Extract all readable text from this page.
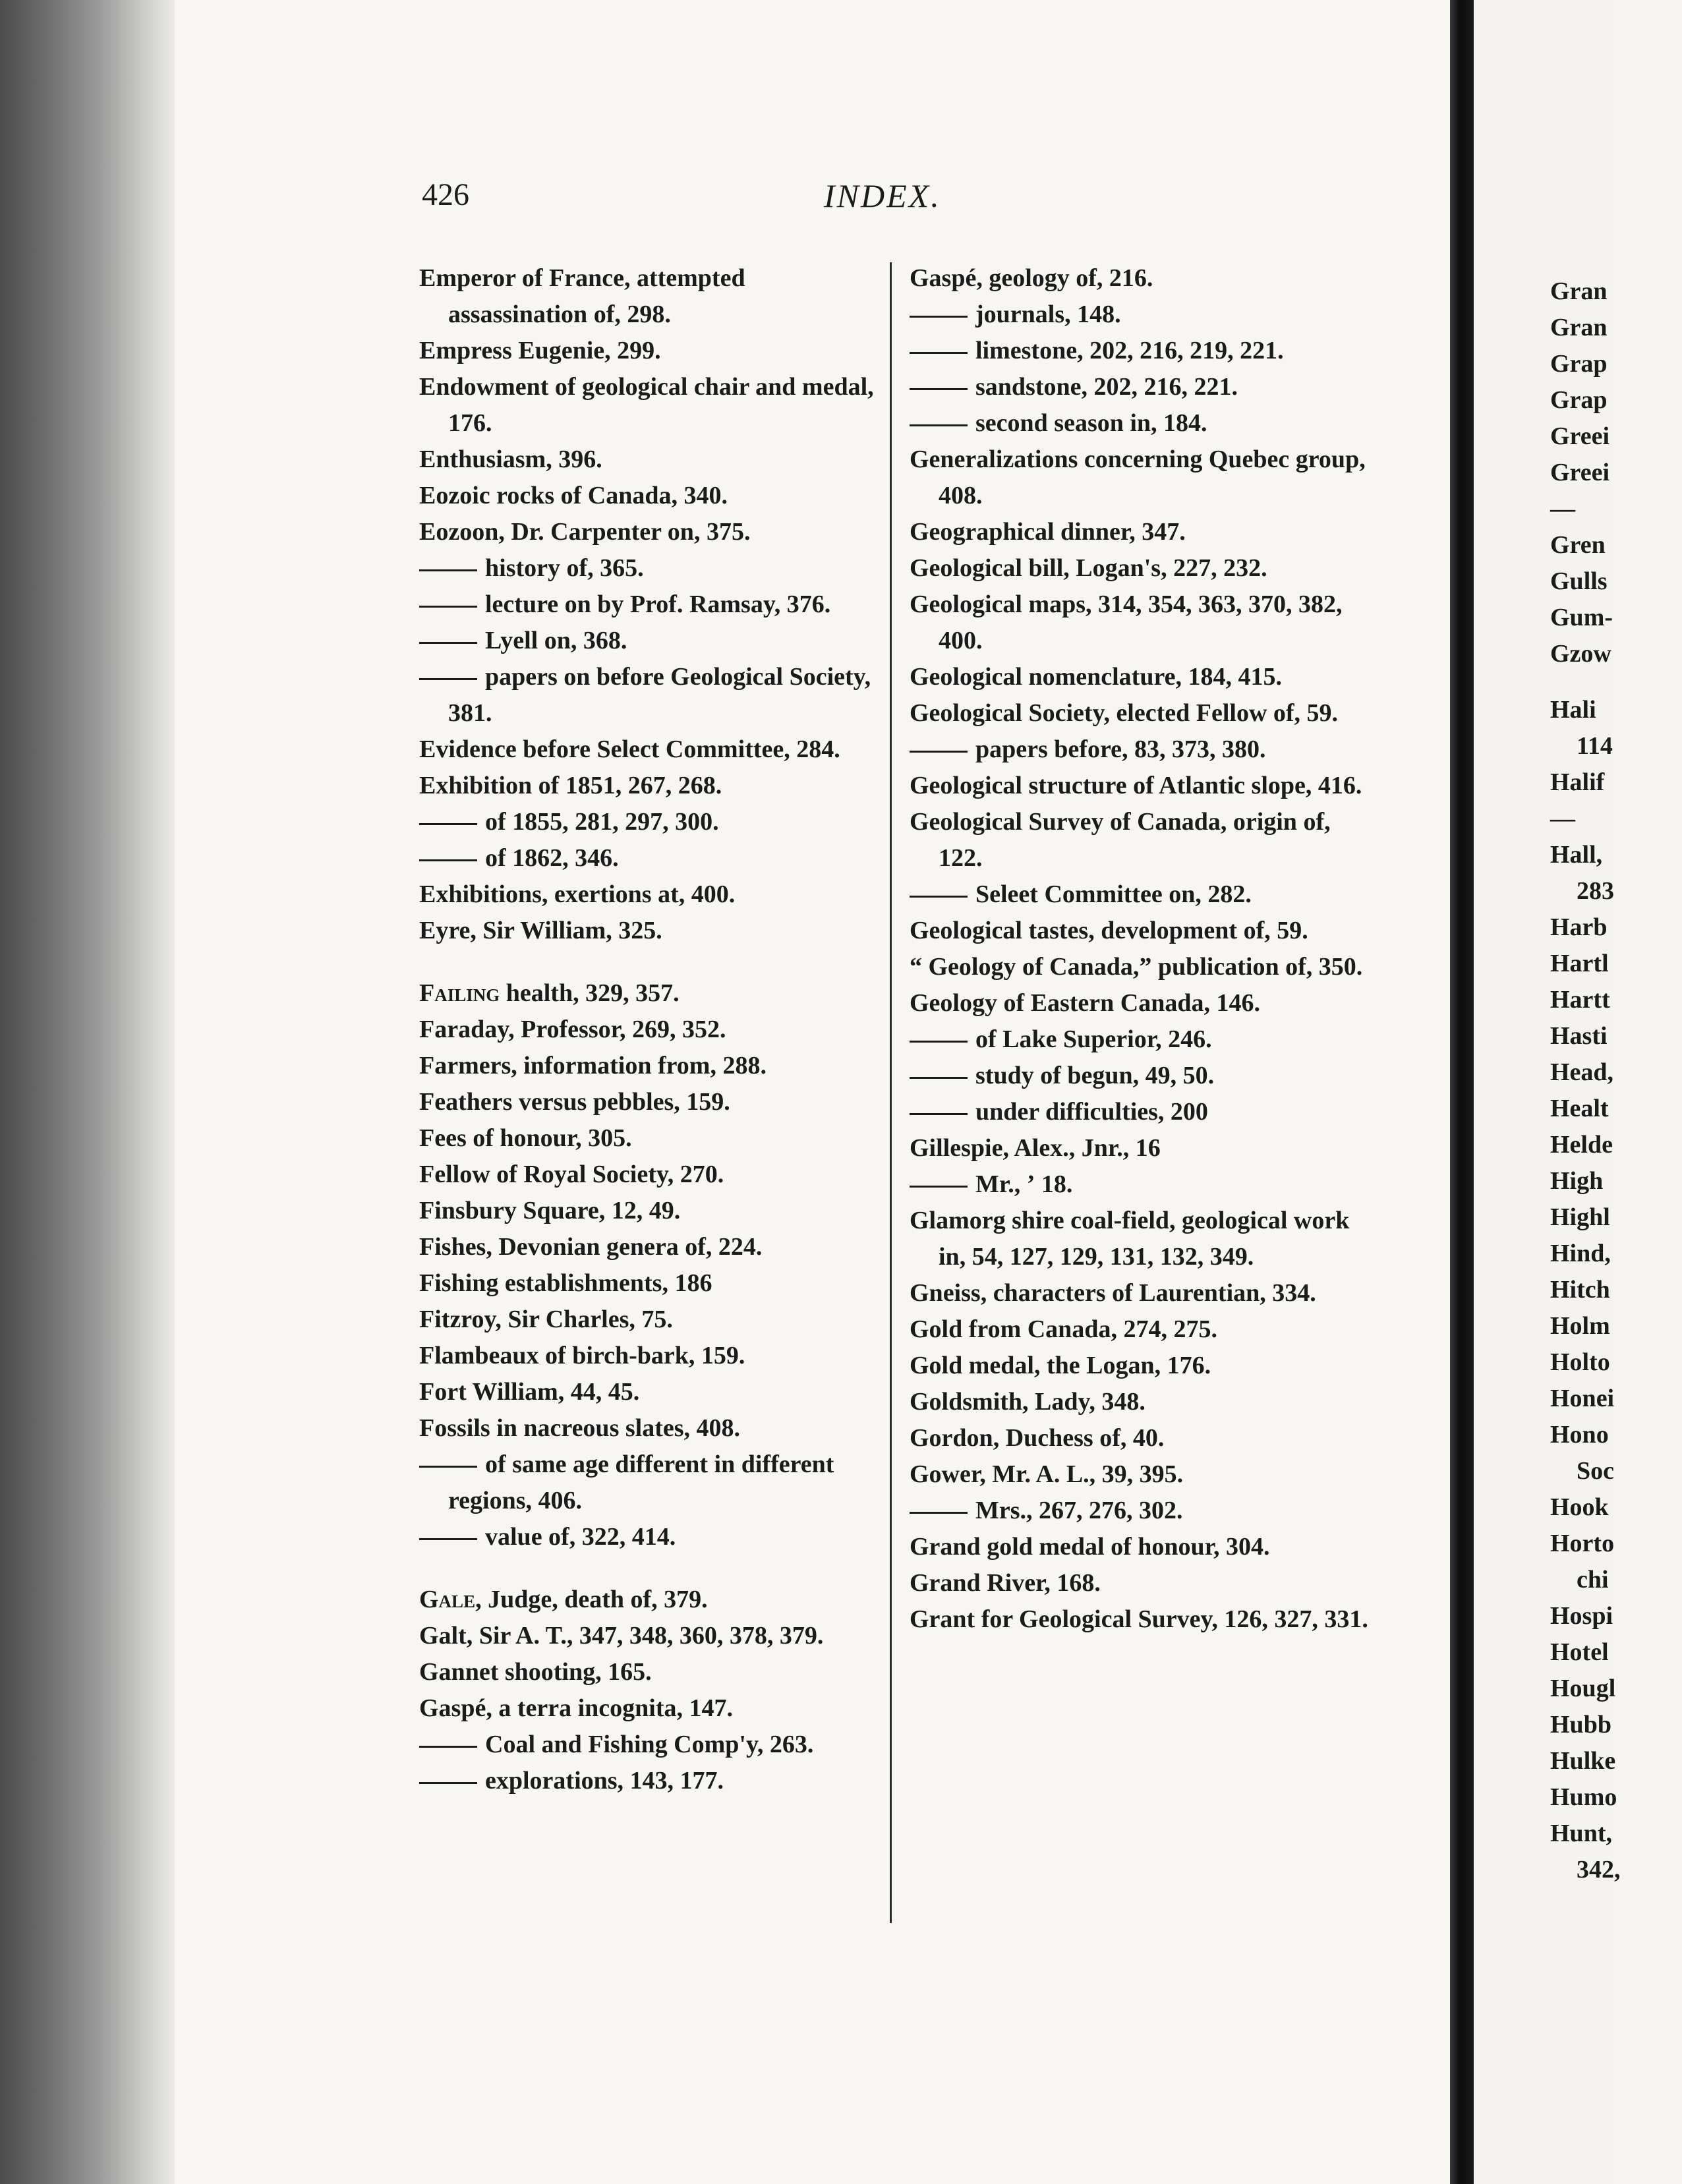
Gran
Gran
Grap
Grap
Greei
Greei
—
Gren
Gulls
Gum-
Gzow
Hali
114
Halif
—
Hall,
283
Harb
Hartl
Hartt
Hasti
Head,
Healt
Helde
High
Highl
Hind,
Hitch
Holm
Holto
Honei
Hono
Soc
Hook
Horto
chi
Hospi
Hotel
Hougl
Hubb
Hulke
Humo
Hunt,
342,
426	INDEX.
Emperor of France, attempted assassination of, 298.
Empress Eugenie, 299.
Endowment of geological chair and medal, 176.
Enthusiasm, 396.
Eozoic rocks of Canada, 340.
Eozoon, Dr. Carpenter on, 375.
history of, 365.
lecture on by Prof. Ramsay, 376.
Lyell on, 368.
papers on before Geological Society, 381.
Evidence before Select Committee, 284.
Exhibition of 1851, 267, 268.
of 1855, 281, 297, 300.
of 1862, 346.
Exhibitions, exertions at, 400.
Eyre, Sir William, 325.
Failing health, 329, 357.
Faraday, Professor, 269, 352.
Farmers, information from, 288.
Feathers versus pebbles, 159.
Fees of honour, 305.
Fellow of Royal Society, 270.
Finsbury Square, 12, 49.
Fishes, Devonian genera of, 224.
Fishing establishments, 186
Fitzroy, Sir Charles, 75.
Flambeaux of birch-bark, 159.
Fort William, 44, 45.
Fossils in nacreous slates, 408.
of same age different in different regions, 406.
value of, 322, 414.
Gale, Judge, death of, 379.
Galt, Sir A. T., 347, 348, 360, 378, 379.
Gannet shooting, 165.
Gaspé, a terra incognita, 147.
Coal and Fishing Comp'y, 263.
explorations, 143, 177.
Gaspé, geology of, 216.
journals, 148.
limestone, 202, 216, 219, 221.
sandstone, 202, 216, 221.
second season in, 184.
Generalizations concerning Quebec group, 408.
Geographical dinner, 347.
Geological bill, Logan's, 227, 232.
Geological maps, 314, 354, 363, 370, 382, 400.
Geological nomenclature, 184, 415.
Geological Society, elected Fellow of, 59.
papers before, 83, 373, 380.
Geological structure of Atlantic slope, 416.
Geological Survey of Canada, origin of, 122.
Seleet Committee on, 282.
Geological tastes, development of, 59.
“ Geology of Canada,” publication of, 350.
Geology of Eastern Canada, 146.
of Lake Superior, 246.
study of begun, 49, 50.
under difficulties, 200
Gillespie, Alex., Jnr., 16
Mr., ʼ 18.
Glamorg shire coal-field, geological work in, 54, 127, 129, 131, 132, 349.
Gneiss, characters of Laurentian, 334.
Gold from Canada, 274, 275.
Gold medal, the Logan, 176.
Goldsmith, Lady, 348.
Gordon, Duchess of, 40.
Gower, Mr. A. L., 39, 395.
Mrs., 267, 276, 302.
Grand gold medal of honour, 304.
Grand River, 168.
Grant for Geological Survey, 126, 327, 331.
